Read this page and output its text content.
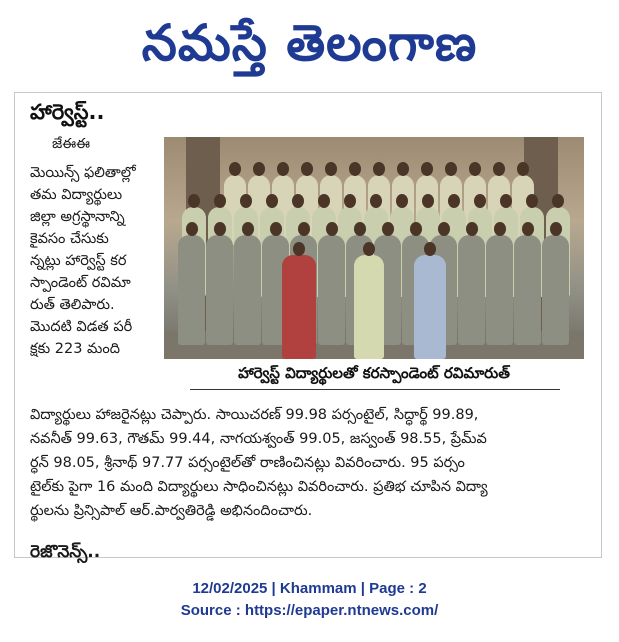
నమస్తే తెలంగాణ
హార్వెస్ట్‌..
జేఈఈ
మెయిన్స్‌ ఫలితాల్లో
తమ విద్యార్థులు
జిల్లా అగ్రస్థానాన్ని
కైవసం చేసుకు
న్నట్లు హార్వెస్ట్‌ కర
స్పాండెంట్‌ రవిమా
రుత్‌ తెలిపారు.
మొదటి విడత పరీ
క్షకు 223 మంది
హార్వెస్ట్‌ విద్యార్థులతో కరస్పాండెంట్‌ రవిమారుత్‌
విద్యార్థులు హాజరైనట్లు చెప్పారు. సాయిచరణ్‌ 99.98 పర్సంటైల్‌, సిద్ధార్థ్‌ 99.89,
నవనీత్‌ 99.63, గౌతమ్‌ 99.44, నాగయశ్వంత్‌ 99.05, జస్వంత్‌ 98.55, ప్రేమ్‌వ
ర్ధన్‌ 98.05, శ్రీనాథ్‌ 97.77 పర్సంటైల్‌తో రాణించినట్లు వివరించారు. 95 పర్సం
టైల్‌కు పైగా 16 మంది విద్యార్థులు సాధించినట్లు వివరించారు. ప్రతిభ చూపిన విద్యా
ర్థులను ప్రిన్సిపాల్‌ ఆర్‌.పార్వతిరెడ్డి అభినందించారు.
రెజొనెన్స్‌..
12/02/2025 | Khammam | Page : 2
Source : https://epaper.ntnews.com/
